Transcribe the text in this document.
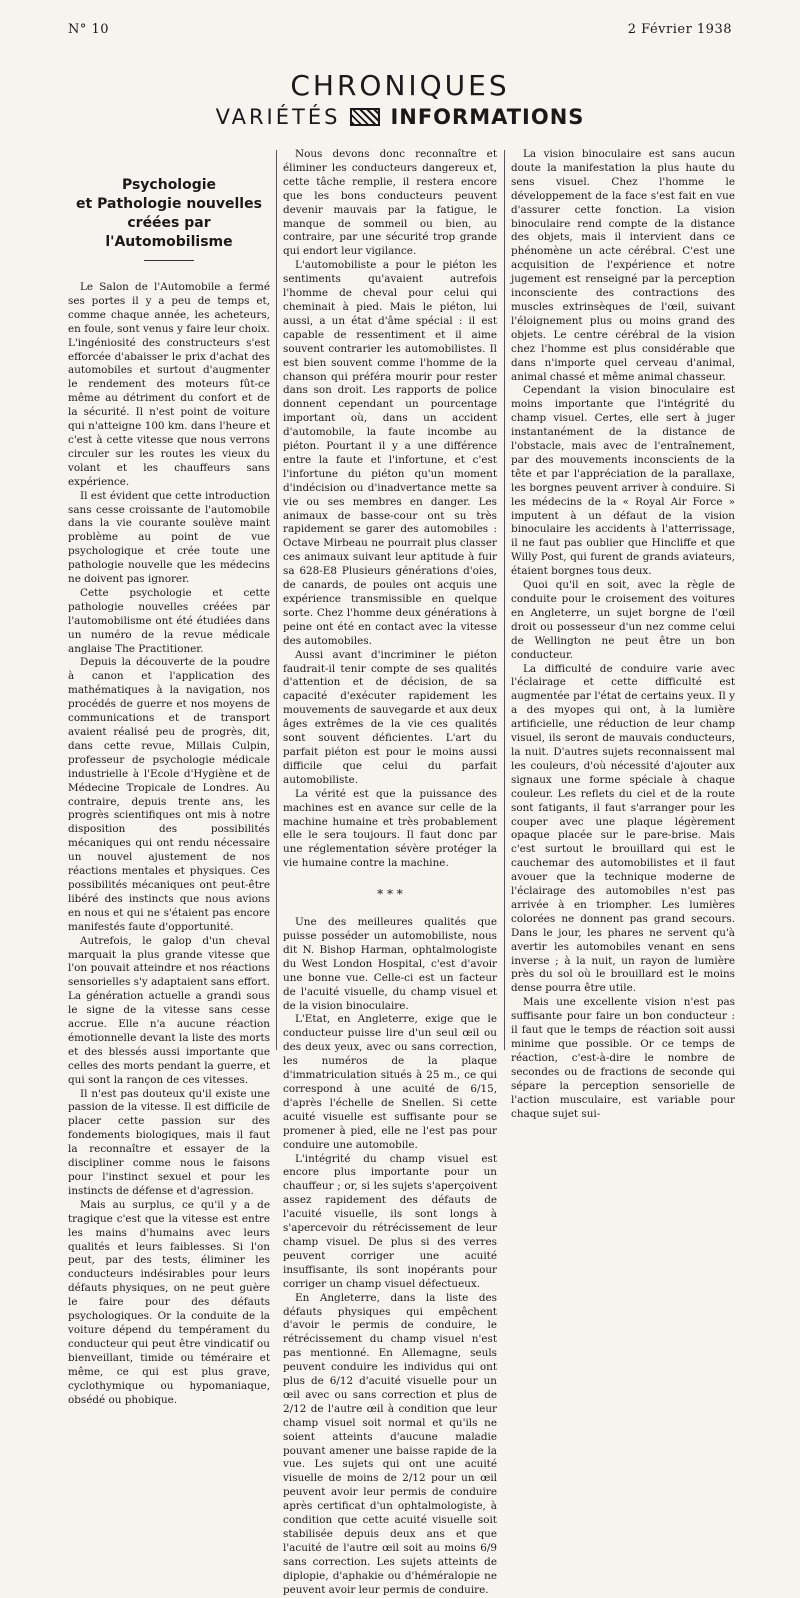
N° 10	2 Février 1938
CHRONIQUES
VARIÉTÉS INFORMATIONS
Psychologie
et Pathologie nouvelles
créées par l'Automobilisme

Le Salon de l'Automobile a fermé ses portes il y a peu de temps et, comme chaque année, les acheteurs, en foule, sont venus y faire leur choix. L'ingéniosité des constructeurs s'est efforcée d'abaisser le prix d'achat des automobiles et surtout d'augmenter le rendement des moteurs fût-ce même au détriment du confort et de la sécurité. Il n'est point de voiture qui n'atteigne 100 km. dans l'heure et c'est à cette vitesse que nous verrons circuler sur les routes les vieux du volant et les chauffeurs sans expérience.

Il est évident que cette introduction sans cesse croissante de l'automobile dans la vie courante soulève maint problème au point de vue psychologique et crée toute une pathologie nouvelle que les médecins ne doivent pas ignorer.

Cette psychologie et cette pathologie nouvelles créées par l'automobilisme ont été étudiées dans un numéro de la revue médicale anglaise The Practitioner.

Depuis la découverte de la poudre à canon et l'application des mathématiques à la navigation, nos procédés de guerre et nos moyens de communications et de transport avaient réalisé peu de progrès, dit, dans cette revue, Millais Culpin, professeur de psychologie médicale industrielle à l'Ecole d'Hygiène et de Médecine Tropicale de Londres. Au contraire, depuis trente ans, les progrès scientifiques ont mis à notre disposition des possibilités mécaniques qui ont rendu nécessaire un nouvel ajustement de nos réactions mentales et physiques. Ces possibilités mécaniques ont peut-être libéré des instincts que nous avions en nous et qui ne s'étaient pas encore manifestés faute d'opportunité.

Autrefois, le galop d'un cheval marquait la plus grande vitesse que l'on pouvait atteindre et nos réactions sensorielles s'y adaptaient sans effort. La génération actuelle a grandi sous le signe de la vitesse sans cesse accrue. Elle n'a aucune réaction émotionnelle devant la liste des morts et des blessés aussi importante que celles des morts pendant la guerre, et qui sont la rançon de ces vitesses.

Il n'est pas douteux qu'il existe une passion de la vitesse. Il est difficile de placer cette passion sur des fondements biologiques, mais il faut la reconnaître et essayer de la discipliner comme nous le faisons pour l'instinct sexuel et pour les instincts de défense et d'agression.

Mais au surplus, ce qu'il y a de tragique c'est que la vitesse est entre les mains d'humains avec leurs qualités et leurs faiblesses. Si l'on peut, par des tests, éliminer les conducteurs indésirables pour leurs défauts physiques, on ne peut guère le faire pour des défauts psychologiques. Or la conduite de la voiture dépend du tempérament du conducteur qui peut être vindicatif ou bienveillant, timide ou téméraire et même, ce qui est plus grave, cyclothymique ou hypomaniaque, obsédé ou phobique.

Nous devons donc reconnaître et éliminer les conducteurs dangereux et, cette tâche remplie, il restera encore que les bons conducteurs peuvent devenir mauvais par la fatigue, le manque de sommeil ou bien, au contraire, par une sécurité trop grande qui endort leur vigilance.

L'automobiliste a pour le piéton les sentiments qu'avaient autrefois l'homme de cheval pour celui qui cheminait à pied. Mais le piéton, lui aussi, a un état d'âme spécial : il est capable de ressentiment et il aime souvent contrarier les automobilistes. Il est bien souvent comme l'homme de la chanson qui préféra mourir pour rester dans son droit. Les rapports de police donnent cependant un pourcentage important où, dans un accident d'automobile, la faute incombe au piéton. Pourtant il y a une différence entre la faute et l'infortune, et c'est l'infortune du piéton qu'un moment d'indécision ou d'inadvertance mette sa vie ou ses membres en danger. Les animaux de basse-cour ont su très rapidement se garer des automobiles : Octave Mirbeau ne pourrait plus classer ces animaux suivant leur aptitude à fuir sa 628-E8 Plusieurs générations d'oies, de canards, de poules ont acquis une expérience transmissible en quelque sorte. Chez l'homme deux générations à peine ont été en contact avec la vitesse des automobiles.

Aussi avant d'incriminer le piéton faudrait-il tenir compte de ses qualités d'attention et de décision, de sa capacité d'exécuter rapidement les mouvements de sauvegarde et aux deux âges extrêmes de la vie ces qualités sont souvent déficientes. L'art du parfait piéton est pour le moins aussi difficile que celui du parfait automobiliste.

La vérité est que la puissance des machines est en avance sur celle de la machine humaine et très probablement elle le sera toujours. Il faut donc par une réglementation sévère protéger la vie humaine contre la machine.

* * *

Une des meilleures qualités que puisse posséder un automobiliste, nous dit N. Bishop Harman, ophtalmologiste du West London Hospital, c'est d'avoir une bonne vue. Celle-ci est un facteur de l'acuité visuelle, du champ visuel et de la vision binoculaire.

L'Etat, en Angleterre, exige que le conducteur puisse lire d'un seul œil ou des deux yeux, avec ou sans correction, les numéros de la plaque d'immatriculation situés à 25 m., ce qui correspond à une acuité de 6/15, d'après l'échelle de Snellen. Si cette acuité visuelle est suffisante pour se promener à pied, elle ne l'est pas pour conduire une automobile.

L'intégrité du champ visuel est encore plus importante pour un chauffeur ; or, si les sujets s'aperçoivent assez rapidement des défauts de l'acuité visuelle, ils sont longs à s'apercevoir du rétrécissement de leur champ visuel. De plus si des verres peuvent corriger une acuité insuffisante, ils sont inopérants pour corriger un champ visuel défectueux.

En Angleterre, dans la liste des défauts physiques qui empêchent d'avoir le permis de conduire, le rétrécissement du champ visuel n'est pas mentionné. En Allemagne, seuls peuvent conduire les individus qui ont plus de 6/12 d'acuité visuelle pour un œil avec ou sans correction et plus de 2/12 de l'autre œil à condition que leur champ visuel soit normal et qu'ils ne soient atteints d'aucune maladie pouvant amener une baisse rapide de la vue. Les sujets qui ont une acuité visuelle de moins de 2/12 pour un œil peuvent avoir leur permis de conduire après certificat d'un ophtalmologiste, à condition que cette acuité visuelle soit stabilisée depuis deux ans et que l'acuité de l'autre œil soit au moins 6/9 sans correction. Les sujets atteints de diplopie, d'aphakie ou d'héméralopie ne peuvent avoir leur permis de conduire.

La vision binoculaire est sans aucun doute la manifestation la plus haute du sens visuel. Chez l'homme le développement de la face s'est fait en vue d'assurer cette fonction. La vision binoculaire rend compte de la distance des objets, mais il intervient dans ce phénomène un acte cérébral. C'est une acquisition de l'expérience et notre jugement est renseigné par la perception inconsciente des contractions des muscles extrinsèques de l'œil, suivant l'éloignement plus ou moins grand des objets. Le centre cérébral de la vision chez l'homme est plus considérable que dans n'importe quel cerveau d'animal, animal chassé et même animal chasseur.

Cependant la vision binoculaire est moins importante que l'intégrité du champ visuel. Certes, elle sert à juger instantanément de la distance de l'obstacle, mais avec de l'entraînement, par des mouvements inconscients de la tête et par l'appréciation de la parallaxe, les borgnes peuvent arriver à conduire. Si les médecins de la « Royal Air Force » imputent à un défaut de la vision binoculaire les accidents à l'atterrissage, il ne faut pas oublier que Hincliffe et que Willy Post, qui furent de grands aviateurs, étaient borgnes tous deux.

Quoi qu'il en soit, avec la règle de conduite pour le croisement des voitures en Angleterre, un sujet borgne de l'œil droit ou possesseur d'un nez comme celui de Wellington ne peut être un bon conducteur.

La difficulté de conduire varie avec l'éclairage et cette difficulté est augmentée par l'état de certains yeux. Il y a des myopes qui ont, à la lumière artificielle, une réduction de leur champ visuel, ils seront de mauvais conducteurs, la nuit. D'autres sujets reconnaissent mal les couleurs, d'où nécessité d'ajouter aux signaux une forme spéciale à chaque couleur. Les reflets du ciel et de la route sont fatigants, il faut s'arranger pour les couper avec une plaque légèrement opaque placée sur le pare-brise. Mais c'est surtout le brouillard qui est le cauchemar des automobilistes et il faut avouer que la technique moderne de l'éclairage des automobiles n'est pas arrivée à en triompher. Les lumières colorées ne donnent pas grand secours. Dans le jour, les phares ne servent qu'à avertir les automobiles venant en sens inverse ; à la nuit, un rayon de lumière près du sol où le brouillard est le moins dense pourra être utile.

Mais une excellente vision n'est pas suffisante pour faire un bon conducteur : il faut que le temps de réaction soit aussi minime que possible. Or ce temps de réaction, c'est-à-dire le nombre de secondes ou de fractions de seconde qui sépare la perception sensorielle de l'action musculaire, est variable pour chaque sujet sui-
